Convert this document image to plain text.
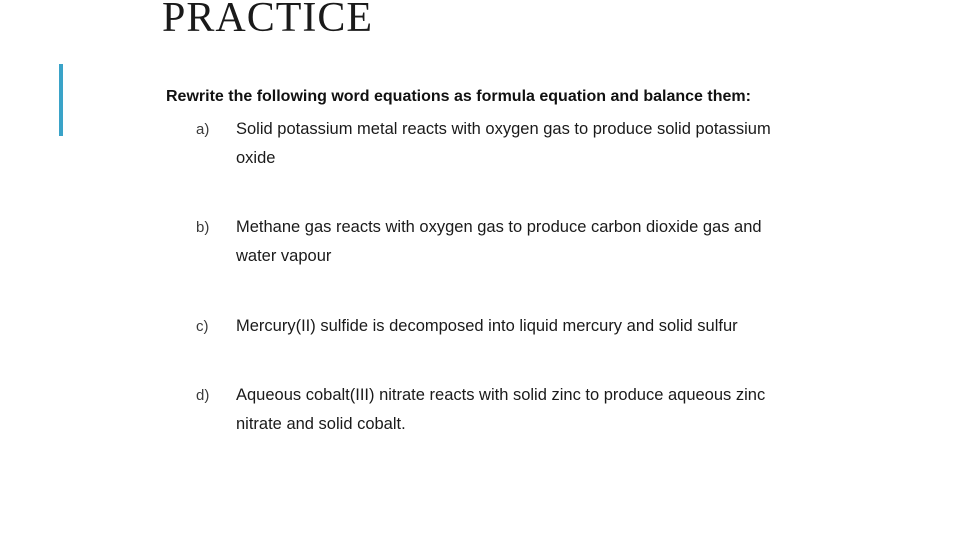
PRACTICE
Rewrite the following word equations as formula equation and balance them:
a) Solid potassium metal reacts with oxygen gas to produce solid potassium oxide
b) Methane gas reacts with oxygen gas to produce carbon dioxide gas and water vapour
c) Mercury(II) sulfide is decomposed into liquid mercury and solid sulfur
d) Aqueous cobalt(III) nitrate reacts with solid zinc to produce aqueous zinc nitrate and solid cobalt.
